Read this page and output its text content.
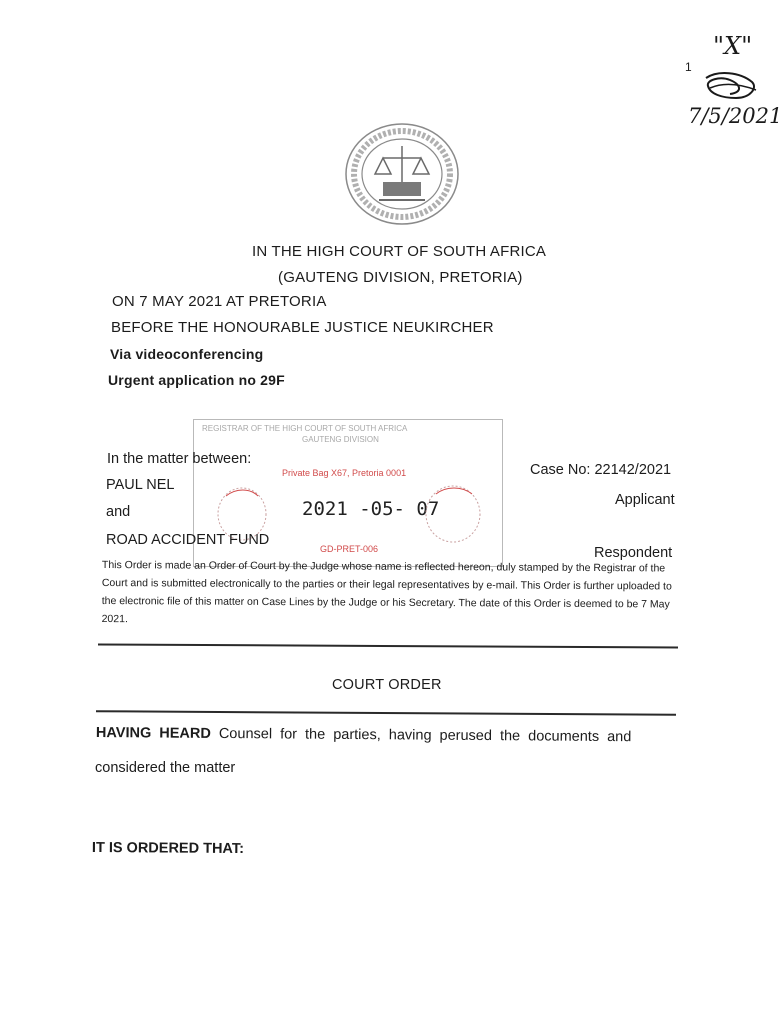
1
"X"
7/5/2021
IN THE HIGH COURT OF SOUTH AFRICA
(GAUTENG DIVISION, PRETORIA)
ON 7 MAY 2021 AT PRETORIA
BEFORE THE HONOURABLE JUSTICE NEUKIRCHER
Via videoconferencing
Urgent application no 29F
REGISTRAR OF THE HIGH COURT OF SOUTH AFRICA
GAUTENG DIVISION
Private Bag X67, Pretoria 0001
2021 -05- 07
GD-PRET-006
In the matter between:
PAUL NEL
and
ROAD ACCIDENT FUND
Case No: 22142/2021
Applicant
Respondent
This Order is made an Order of Court by the Judge whose name is reflected hereon, duly stamped by the Registrar of the Court and is submitted electronically to the parties or their legal representatives by e-mail. This Order is further uploaded to the electronic file of this matter on Case Lines by the Judge or his Secretary. The date of this Order is deemed to be 7 May 2021.
COURT ORDER
HAVING HEARD Counsel for the parties, having perused the documents and
considered the matter
IT IS ORDERED THAT:
